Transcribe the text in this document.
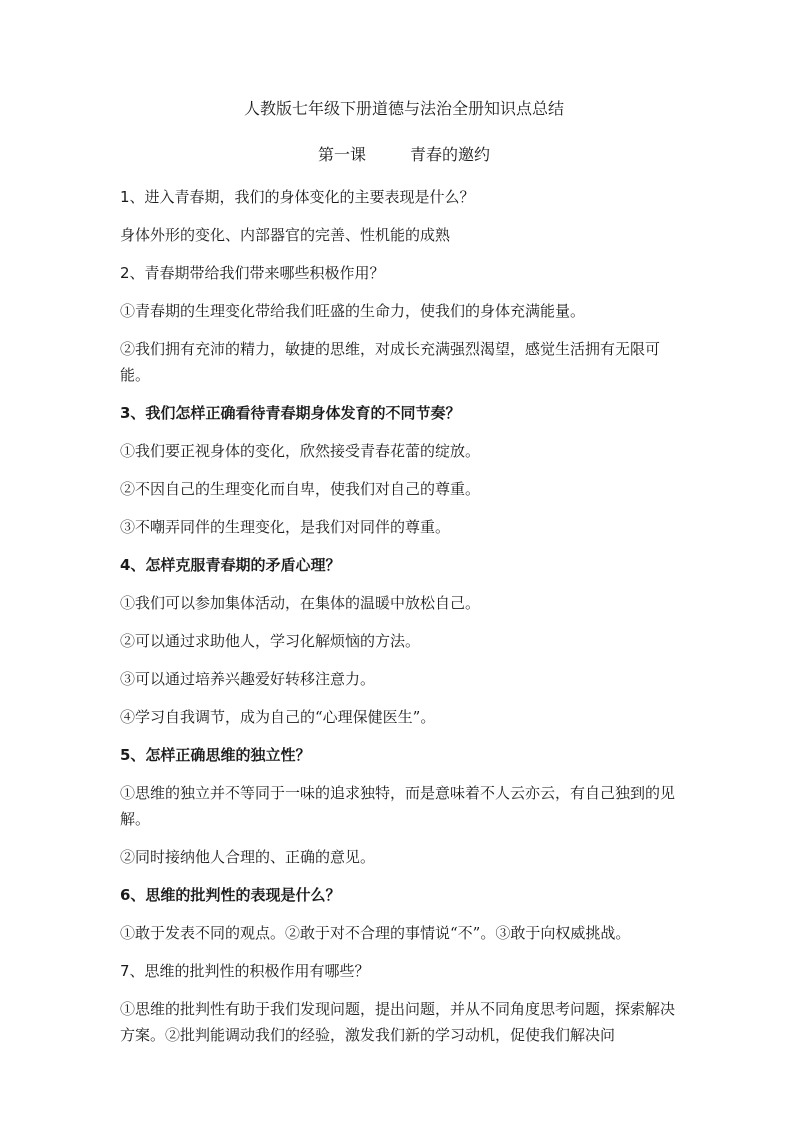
人教版七年级下册道德与法治全册知识点总结
第一课	青春的邀约
1、进入青春期，我们的身体变化的主要表现是什么？
身体外形的变化、内部器官的完善、性机能的成熟
2、青春期带给我们带来哪些积极作用？
①青春期的生理变化带给我们旺盛的生命力，使我们的身体充满能量。
②我们拥有充沛的精力，敏捷的思维，对成长充满强烈渴望，感觉生活拥有无限可能。
3、我们怎样正确看待青春期身体发育的不同节奏？
①我们要正视身体的变化，欣然接受青春花蕾的绽放。
②不因自己的生理变化而自卑，使我们对自己的尊重。
③不嘲弄同伴的生理变化，是我们对同伴的尊重。
4、怎样克服青春期的矛盾心理？
①我们可以参加集体活动，在集体的温暖中放松自己。
②可以通过求助他人，学习化解烦恼的方法。
③可以通过培养兴趣爱好转移注意力。
④学习自我调节，成为自己的“心理保健医生”。
5、怎样正确思维的独立性？
①思维的独立并不等同于一味的追求独特，而是意味着不人云亦云，有自己独到的见解。
②同时接纳他人合理的、正确的意见。
6、思维的批判性的表现是什么？
①敢于发表不同的观点。②敢于对不合理的事情说“不”。③敢于向权威挑战。
7、思维的批判性的积极作用有哪些？
①思维的批判性有助于我们发现问题，提出问题，并从不同角度思考问题，探索解决方案。②批判能调动我们的经验，激发我们新的学习动机，促使我们解决问
